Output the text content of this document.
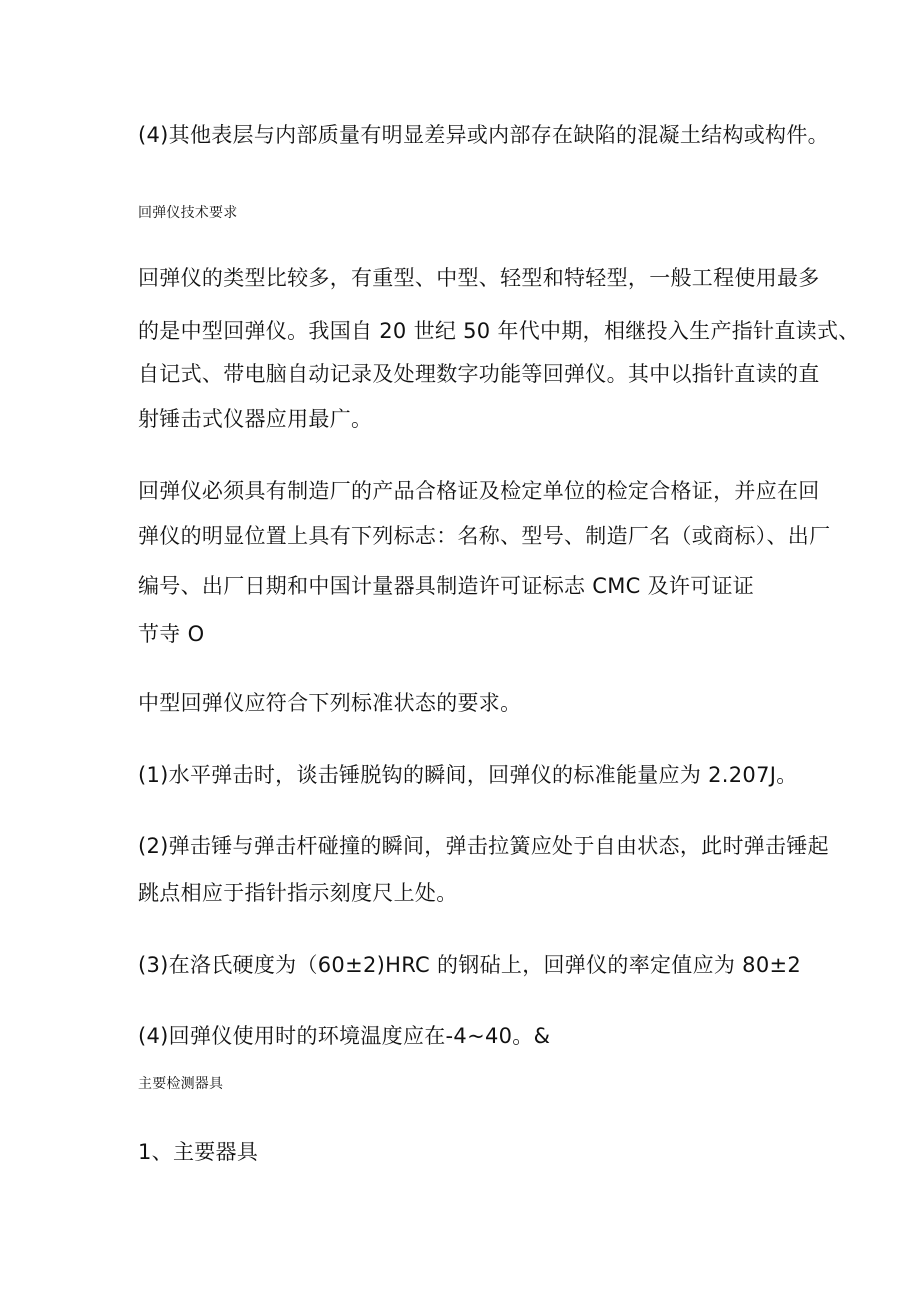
(4)其他表层与内部质量有明显差异或内部存在缺陷的混凝土结构或构件。
回弹仪技术要求
回弹仪的类型比较多，有重型、中型、轻型和特轻型，一般工程使用最多
的是中型回弹仪。我国自 20 世纪 50 年代中期，相继投入生产指针直读式、
自记式、带电脑自动记录及处理数字功能等回弹仪。其中以指针直读的直
射锤击式仪器应用最广。
回弹仪必须具有制造厂的产品合格证及检定单位的检定合格证，并应在回
弹仪的明显位置上具有下列标志：名称、型号、制造厂名（或商标）、出厂
编号、出厂日期和中国计量器具制造许可证标志 CMC 及许可证证
节寺 O
中型回弹仪应符合下列标准状态的要求。
(1)水平弹击时，谈击锤脱钩的瞬间，回弹仪的标准能量应为 2.207J。
(2)弹击锤与弹击杆碰撞的瞬间，弹击拉簧应处于自由状态，此时弹击锤起
跳点相应于指针指示刻度尺上处。
(3)在洛氏硬度为（60±2)HRC 的钢砧上，回弹仪的率定值应为 80±2
(4)回弹仪使用时的环境温度应在-4~40。&
主要检测器具
1、主要器具
